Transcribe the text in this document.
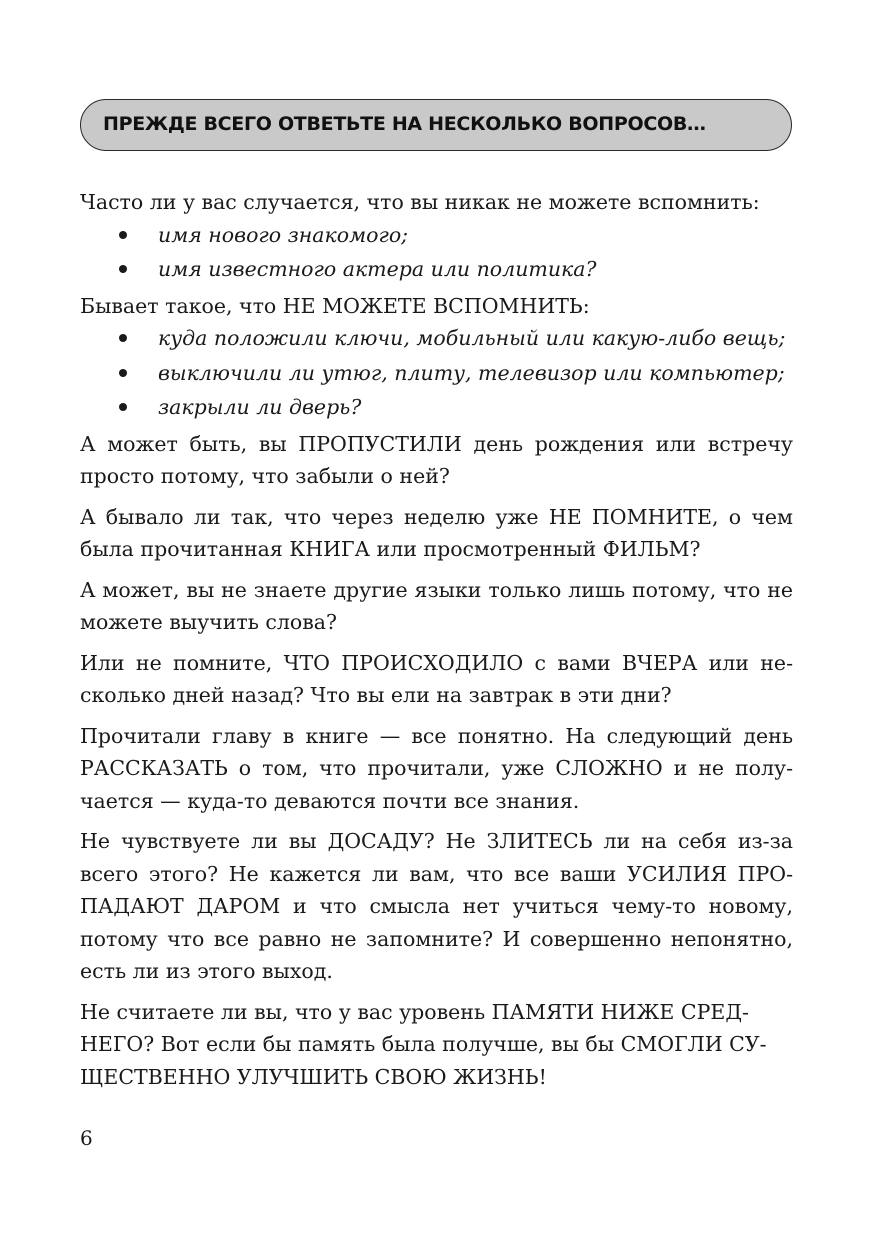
ПРЕЖДЕ ВСЕГО ОТВЕТЬТЕ НА НЕСКОЛЬКО ВОПРОСОВ…

Часто ли у вас случается, что вы никак не можете вспомнить:

имя нового знакомого;
имя известного актера или политика?

Бывает такое, что НЕ МОЖЕТЕ ВСПОМНИТЬ:

куда положили ключи, мобильный или какую-либо вещь;
выключили ли утюг, плиту, телевизор или компьютер;
закрыли ли дверь?

А может быть, вы ПРОПУСТИЛИ день рождения или встречу просто потому, что забыли о ней?

А бывало ли так, что через неделю уже НЕ ПОМНИТЕ, о чем была прочитанная КНИГА или просмотренный ФИЛЬМ?

А может, вы не знаете другие языки только лишь потому, что не можете выучить слова?

Или не помните, ЧТО ПРОИСХОДИЛО с вами ВЧЕРА или несколько дней назад? Что вы ели на завтрак в эти дни?

Прочитали главу в книге — все понятно. На следующий день РАССКАЗАТЬ о том, что прочитали, уже СЛОЖНО и не получается — куда-то деваются почти все знания.

Не чувствуете ли вы ДОСАДУ? Не ЗЛИТЕСЬ ли на себя из-за всего этого? Не кажется ли вам, что все ваши УСИЛИЯ ПРОПАДАЮТ ДАРОМ и что смысла нет учиться чему-то новому, потому что все равно не запомните? И совершенно непонятно, есть ли из этого выход.

Не считаете ли вы, что у вас уровень ПАМЯТИ НИЖЕ СРЕДНЕГО? Вот если бы память была получше, вы бы СМОГЛИ СУЩЕСТВЕННО УЛУЧШИТЬ СВОЮ ЖИЗНЬ!

6
